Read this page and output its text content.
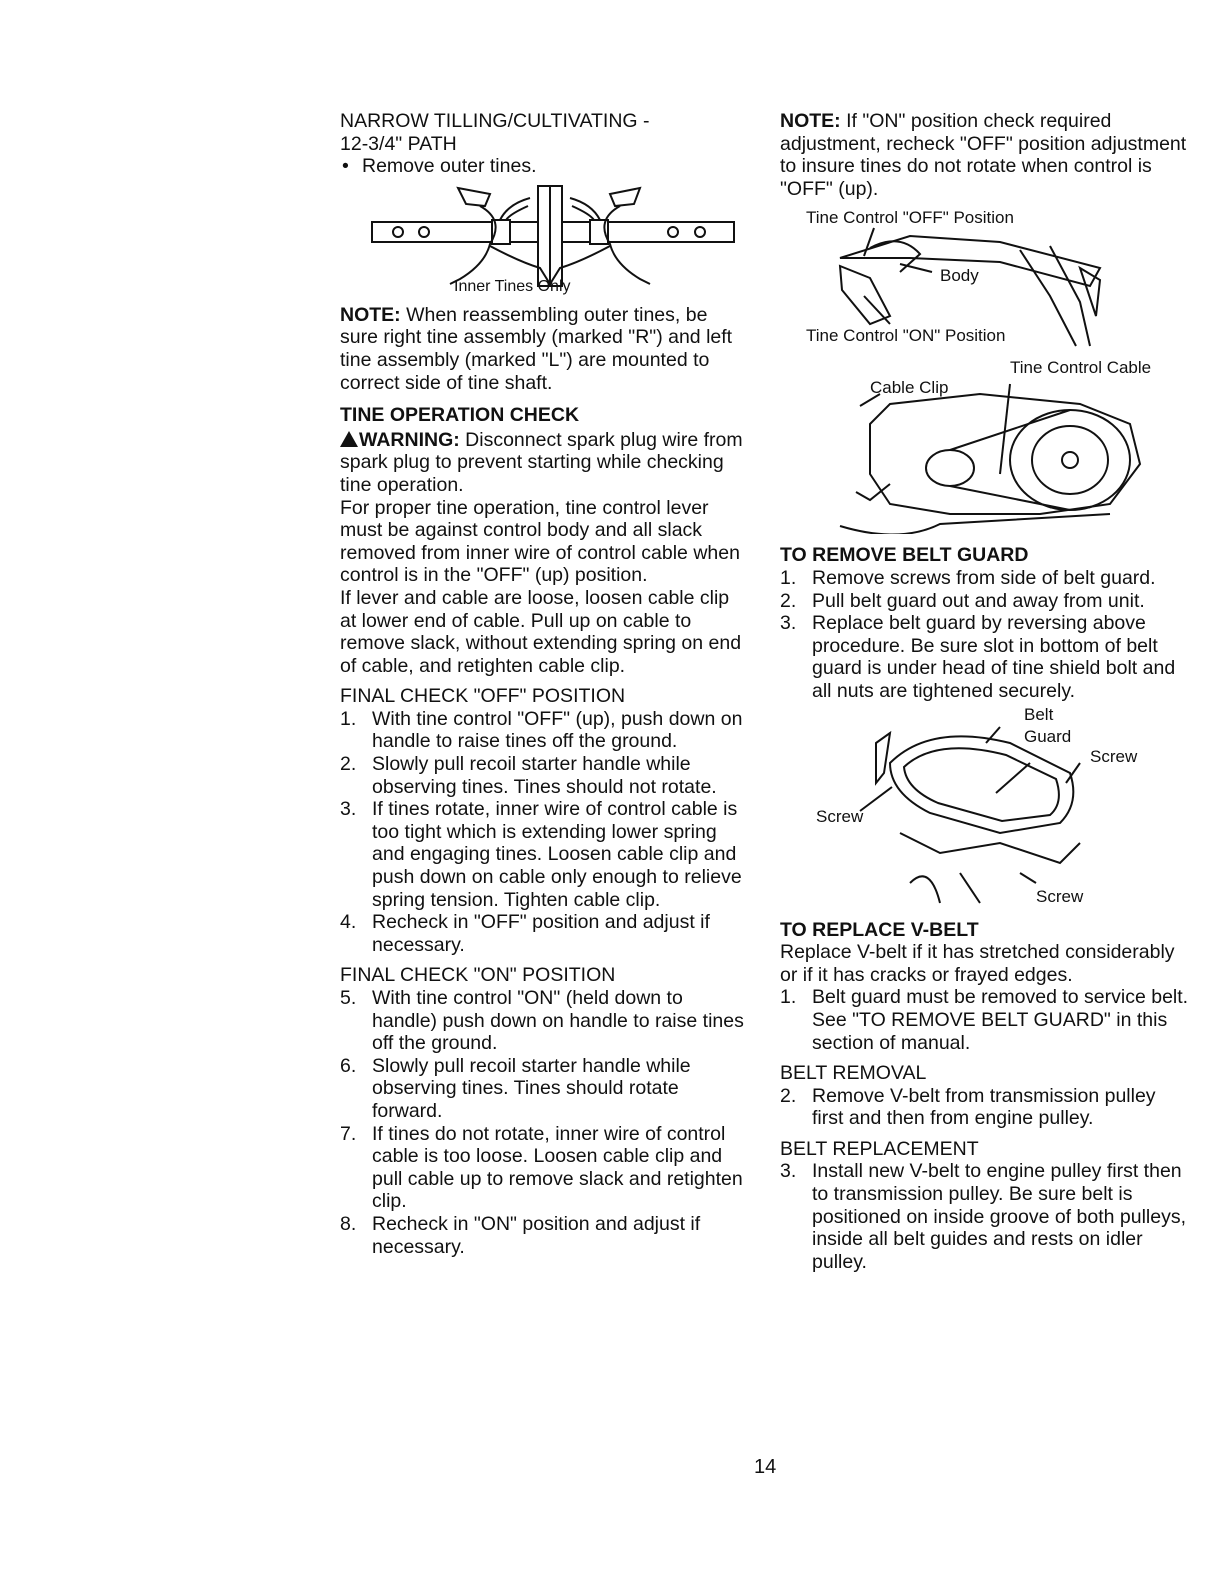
NARROW TILLING/CULTIVATING -

12-3/4" PATH

• Remove outer tines.

Inner Tines Only

NOTE: When reassembling outer tines, be sure right tine assembly (marked "R") and left tine assembly (marked "L") are mounted to correct side of tine shaft.

TINE OPERATION CHECK

WARNING: Disconnect spark plug wire from spark plug to prevent starting while checking tine operation.

For proper tine operation, tine control lever must be against control body and all slack removed from inner wire of control cable when control is in the "OFF" (up) position.

If lever and cable are loose, loosen cable clip at lower end of cable. Pull up on cable to remove slack, without extending spring on end of cable, and retighten cable clip.

FINAL CHECK "OFF" POSITION

1. With tine control "OFF" (up), push down on handle to raise tines off the ground.
2. Slowly pull recoil starter handle while observing tines. Tines should not rotate.
3. If tines rotate, inner wire of control cable is too tight which is extending lower spring and engaging tines. Loosen cable clip and push down on cable only enough to relieve spring tension. Tighten cable clip.
4. Recheck in "OFF" position and adjust if necessary.

FINAL CHECK "ON" POSITION

5. With tine control "ON" (held down to handle) push down on handle to raise tines off the ground.
6. Slowly pull recoil starter handle while observing tines. Tines should rotate forward.
7. If tines do not rotate, inner wire of control cable is too loose. Loosen cable clip and pull cable up to remove slack and retighten clip.
8. Recheck in "ON" position and adjust if necessary.

NOTE: If "ON" position check required adjustment, recheck "OFF" position adjustment to insure tines do not rotate when control is "OFF" (up).

Tine Control "OFF" Position
Body
Tine Control "ON" Position
Tine Control Cable
Cable Clip

TO REMOVE BELT GUARD

1. Remove screws from side of belt guard.
2. Pull belt guard out and away from unit.
3. Replace belt guard by reversing above procedure. Be sure slot in bottom of belt guard is under head of tine shield bolt and all nuts are tightened securely.
Belt
Guard
Screw
Screw
Screw

TO REPLACE V-BELT

Replace V-belt if it has stretched considerably or if it has cracks or frayed edges.

1. Belt guard must be removed to service belt. See "TO REMOVE BELT GUARD" in this section of manual.

BELT REMOVAL

2. Remove V-belt from transmission pulley first and then from engine pulley.

BELT REPLACEMENT

3. Install new V-belt to engine pulley first then to transmission pulley. Be sure belt is positioned on inside groove of both pulleys, inside all belt guides and rests on idler pulley.
14
